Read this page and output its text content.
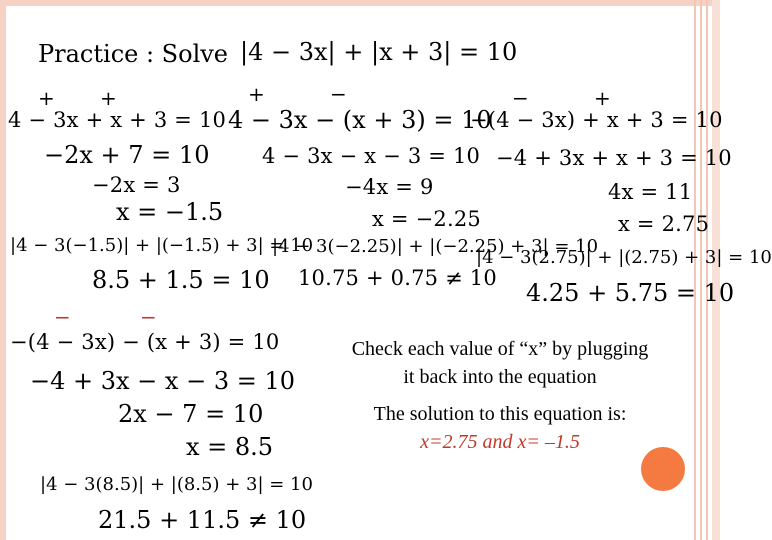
Practice : Solve |4 − 3x| + |x + 3| = 10
+ +
4 − 3x + x + 3 = 10
−2x + 7 = 10
−2x = 3
x = −1.5
|4 − 3(−1.5)| + |(−1.5) + 3| = 10
8.5 + 1.5 = 10
+	−
4 − 3x − (x + 3) = 10
4 − 3x − x − 3 = 10
−4x = 9
x = −2.25
|4 − 3(−2.25)| + |(−2.25) + 3| = 10
10.75 + 0.75 ≠ 10
−	+
−(4 − 3x) + x + 3 = 10
−4 + 3x + x + 3 = 10
4x = 11
x = 2.75
|4 − 3(2.75)| + |(2.75) + 3| = 10
4.25 + 5.75 = 10
−	−
−(4 − 3x) − (x + 3) = 10
−4 + 3x − x − 3 = 10
2x − 7 = 10
x = 8.5
|4 − 3(8.5)| + |(8.5) + 3| = 10
21.5 + 11.5 ≠ 10
Check each value of “x” by plugging
it back into the equation
The solution to this equation is:
x=2.75 and x= –1.5
